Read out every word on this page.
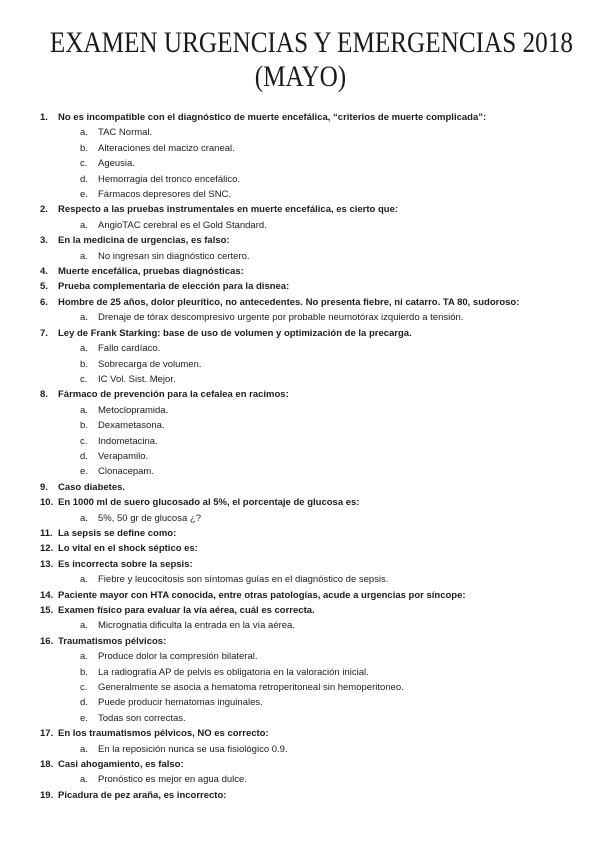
EXAMEN URGENCIAS Y EMERGENCIAS 2018
(MAYO)
1.	No es incompatible con el diagnóstico de muerte encefálica, “criterios de muerte complicada”:
a.	TAC Normal.
b.	Alteraciones del macizo craneal.
c.	Ageusia.
d.	Hemorragia del tronco encefálico.
e.	Fármacos depresores del SNC.
2.	Respecto a las pruebas instrumentales en muerte encefálica, es cierto que:
a.	AngioTAC cerebral es el Gold Standard.
3.	En la medicina de urgencias, es falso:
a.	No ingresan sin diagnóstico certero.
4.	Muerte encefálica, pruebas diagnósticas:
5.	Prueba complementaria de elección para la disnea:
6.	Hombre de 25 años, dolor pleurítico, no antecedentes. No presenta fiebre, ni catarro. TA 80, sudoroso:
a.	Drenaje de tórax descompresivo urgente por probable neumotórax izquierdo a tensión.
7.	Ley de Frank Starking: base de uso de volumen y optimización de la precarga.
a.	Fallo cardíaco.
b.	Sobrecarga de volumen.
c.	IC Vol. Sist. Mejor.
8.	Fármaco de prevención para la cefalea en racimos:
a.	Metoclopramida.
b.	Dexametasona.
c.	Indometacina.
d.	Verapamilo.
e.	Clonacepam.
9.	Caso diabetes.
10. En 1000 ml de suero glucosado al 5%, el porcentaje de glucosa es:
a.	5%, 50 gr de glucosa ¿?
11. La sepsis se define como:
12. Lo vital en el shock séptico es:
13. Es incorrecta sobre la sepsis:
a.	Fiebre y leucocitosis son síntomas guías en el diagnóstico de sepsis.
14. Paciente mayor con HTA conocida, entre otras patologías, acude a urgencias por síncope:
15. Examen físico para evaluar la vía aérea, cuál es correcta.
a.	Micrognatia dificulta la entrada en la vía aérea.
16. Traumatismos pélvicos:
a.	Produce dolor la compresión bilateral.
b.	La radiografía AP de pelvis es obligatoria en la valoración inicial.
c.	Generalmente se asocia a hematoma retroperitoneal sin hemoperitoneo.
d.	Puede producir hematomas inguinales.
e.	Todas son correctas.
17. En los traumatismos pélvicos, NO es correcto:
a.	En la reposición nunca se usa fisiológico 0.9.
18. Casi ahogamiento, es falso:
a.	Pronóstico es mejor en agua dulce.
19. Picadura de pez araña, es incorrecto:
